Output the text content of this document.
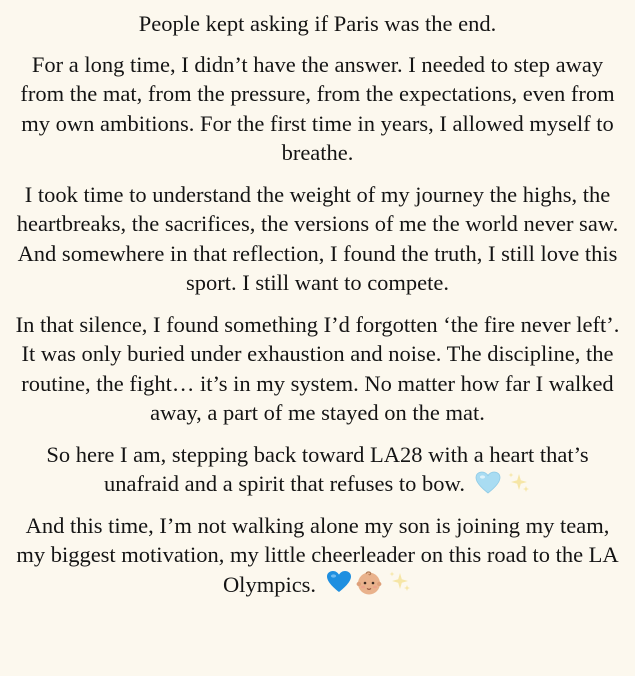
People kept asking if Paris was the end.

For a long time, I didn’t have the answer. I needed to step away from the mat, from the pressure, from the expectations, even from my own ambitions. For the first time in years, I allowed myself to breathe.

I took time to understand the weight of my journey the highs, the heartbreaks, the sacrifices, the versions of me the world never saw. And somewhere in that reflection, I found the truth, I still love this sport. I still want to compete.

In that silence, I found something I’d forgotten ‘the fire never left’. It was only buried under exhaustion and noise. The discipline, the routine, the fight… it’s in my system. No matter how far I walked away, a part of me stayed on the mat.

So here I am, stepping back toward LA28 with a heart that’s unafraid and a spirit that refuses to bow.

And this time, I’m not walking alone my son is joining my team, my biggest motivation, my little cheerleader on this road to the LA Olympics.
